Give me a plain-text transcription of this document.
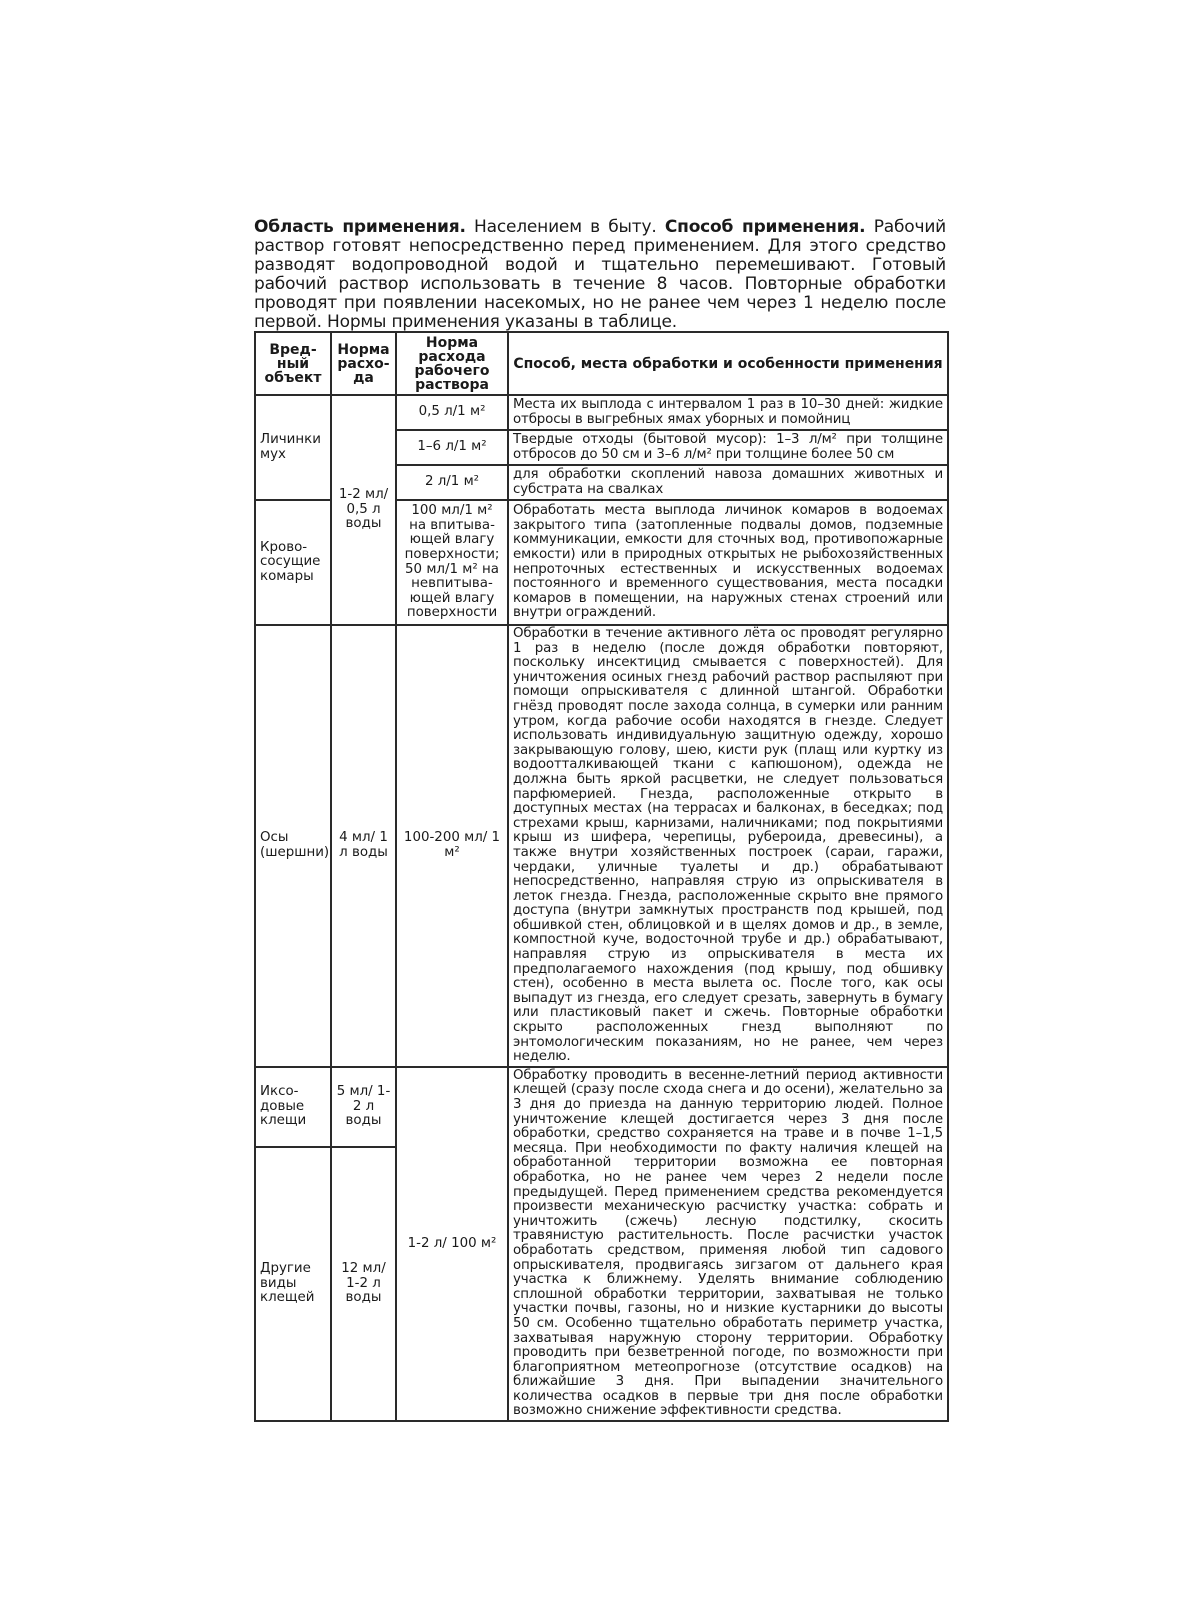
Область применения. Населением в быту. Способ применения. Рабочий раствор готовят непосредственно перед применением. Для этого средство разводят водопроводной водой и тщательно перемешивают. Готовый рабочий раствор использовать в течение 8 часов. Повторные обработки проводят при появлении насекомых, но не ранее чем через 1 неделю после первой. Нормы применения указаны в таблице.
Вред-ный объект	Норма расхо-да	Норма расхода рабочего раствора	Способ, места обработки и особенности применения
Личинки мух	1-2 мл/ 0,5 л воды	0,5 л/1 м²	Места их выплода с интервалом 1 раз в 10–30 дней: жидкие отбросы в выгребных ямах уборных и помойниц
		1–6 л/1 м²	Твердые отходы (бытовой мусор): 1–3 л/м² при толщине отбросов до 50 см и 3–6 л/м² при толщине более 50 см
		2 л/1 м²	для обработки скоплений навоза домашних животных и субстрата на свалках
Крово-сосущие комары		100 мл/1 м² на впитыва-ющей влагу поверхности; 50 мл/1 м² на невпитыва-ющей влагу поверхности	Обработать места выплода личинок комаров в водоемах закрытого типа (затопленные подвалы домов, подземные коммуникации, емкости для сточных вод, противопожарные емкости) или в природных открытых не рыбохозяйственных непроточных естественных и искусственных водоемах постоянного и временного существования, места посадки комаров в помещении, на наружных стенах строений или внутри ограждений.
Осы (шершни)	4 мл/ 1 л воды	100-200 мл/ 1 м²	Обработки в течение активного лёта ос проводят регулярно 1 раз в неделю (после дождя обработки повторяют, поскольку инсектицид смывается с поверхностей). Для уничтожения осиных гнезд рабочий раствор распыляют при помощи опрыскивателя с длинной штангой. Обработки гнёзд проводят после захода солнца, в сумерки или ранним утром, когда рабочие особи находятся в гнезде. Следует использовать индивидуальную защитную одежду, хорошо закрывающую голову, шею, кисти рук (плащ или куртку из водоотталкивающей ткани с капюшоном), одежда не должна быть яркой расцветки, не следует пользоваться парфюмерией. Гнезда, расположенные открыто в доступных местах (на террасах и балконах, в беседках; под стрехами крыш, карнизами, наличниками; под покрытиями крыш из шифера, черепицы, рубероида, древесины), а также внутри хозяйственных построек (сараи, гаражи, чердаки, уличные туалеты и др.) обрабатывают непосредственно, направляя струю из опрыскивателя в леток гнезда. Гнезда, расположенные скрыто вне прямого доступа (внутри замкнутых пространств под крышей, под обшивкой стен, облицовкой и в щелях домов и др., в земле, компостной куче, водосточной трубе и др.) обрабатывают, направляя струю из опрыскивателя в места их предполагаемого нахождения (под крышу, под обшивку стен), особенно в места вылета ос. После того, как осы выпадут из гнезда, его следует срезать, завернуть в бумагу или пластиковый пакет и сжечь. Повторные обработки скрыто расположенных гнезд выполняют по энтомологическим показаниям, но не ранее, чем через неделю.
Иксо-довые клещи	5 мл/ 1-2 л воды	1-2 л/ 100 м²	Обработку проводить в весенне-летний период активности клещей (сразу после схода снега и до осени), желательно за 3 дня до приезда на данную территорию людей. Полное уничтожение клещей достигается через 3 дня после обработки, средство сохраняется на траве и в почве 1–1,5 месяца. При необходимости по факту наличия клещей на обработанной территории возможна ее повторная обработка, но не ранее чем через 2 недели после предыдущей. Перед применением средства рекомендуется произвести механическую расчистку участка: собрать и уничтожить (сжечь) лесную подстилку, скосить травянистую растительность. После расчистки участок обработать средством, применяя любой тип садового опрыскивателя, продвигаясь зигзагом от дальнего края участка к ближнему. Уделять внимание соблюдению сплошной обработки территории, захватывая не только участки почвы, газоны, но и низкие кустарники до высоты 50 см. Особенно тщательно обработать периметр участка, захватывая наружную сторону территории. Обработку проводить при безветренной погоде, по возможности при благоприятном метеопрогнозе (отсутствие осадков) на ближайшие 3 дня. При выпадении значительного количества осадков в первые три дня после обработки возможно снижение эффективности средства.
Другие виды клещей	12 мл/ 1-2 л воды		
